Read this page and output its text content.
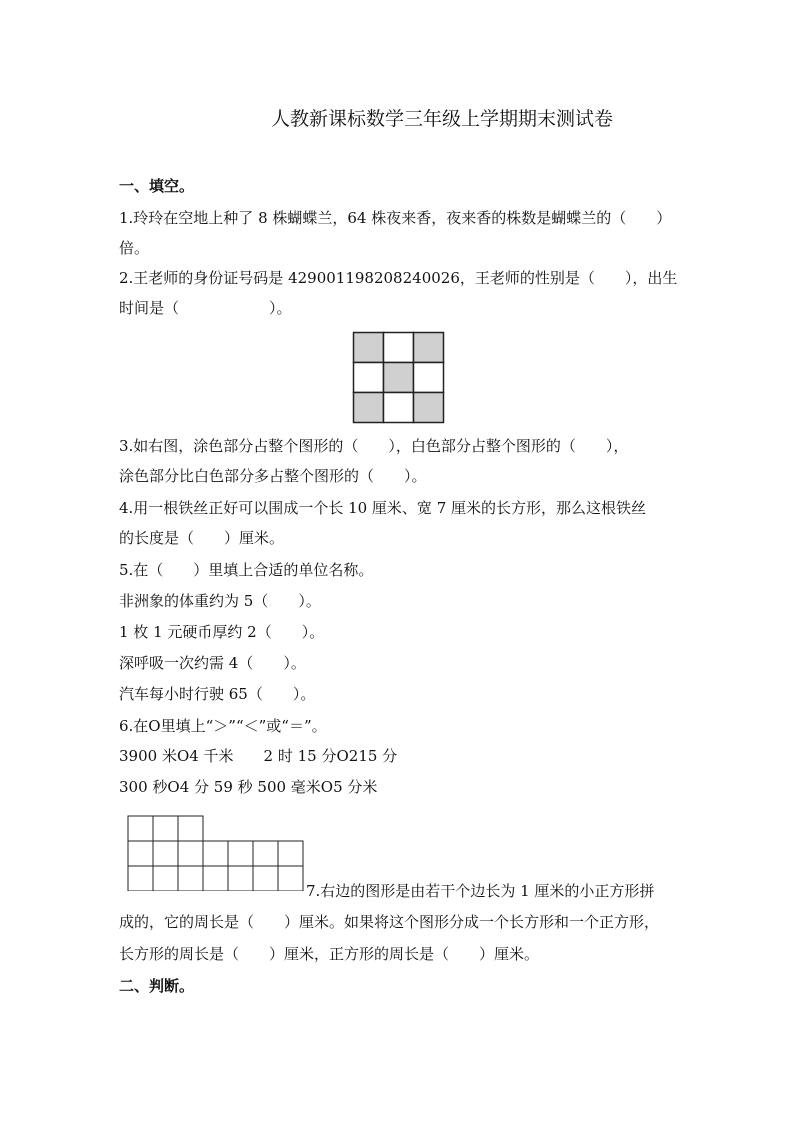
人教新课标数学三年级上学期期末测试卷
一、填空。
1.玲玲在空地上种了 8 株蝴蝶兰，64 株夜来香，夜来香的株数是蝴蝶兰的（　　）
倍。
2.王老师的身份证号码是 429001198208240026，王老师的性别是（　　），出生
时间是（　　　　　　）。
3.如右图，涂色部分占整个图形的（　　），白色部分占整个图形的（　　），
涂色部分比白色部分多占整个图形的（　　）。
4.用一根铁丝正好可以围成一个长 10 厘米、宽 7 厘米的长方形，那么这根铁丝
的长度是（　　）厘米。
5.在（　　）里填上合适的单位名称。
非洲象的体重约为 5（　　）。
1 枚 1 元硬币厚约 2（　　）。
深呼吸一次约需 4（　　）。
汽车每小时行驶 65（　　）。
6.在O里填上“＞”“＜”或“＝”。
3900 米O4 千米　　2 时 15 分O215 分
300 秒O4 分 59 秒 500 毫米O5 分米
7.右边的图形是由若干个边长为 1 厘米的小正方形拼
成的，它的周长是（　　）厘米。如果将这个图形分成一个长方形和一个正方形，
长方形的周长是（　　）厘米，正方形的周长是（　　）厘米。
二、判断。
